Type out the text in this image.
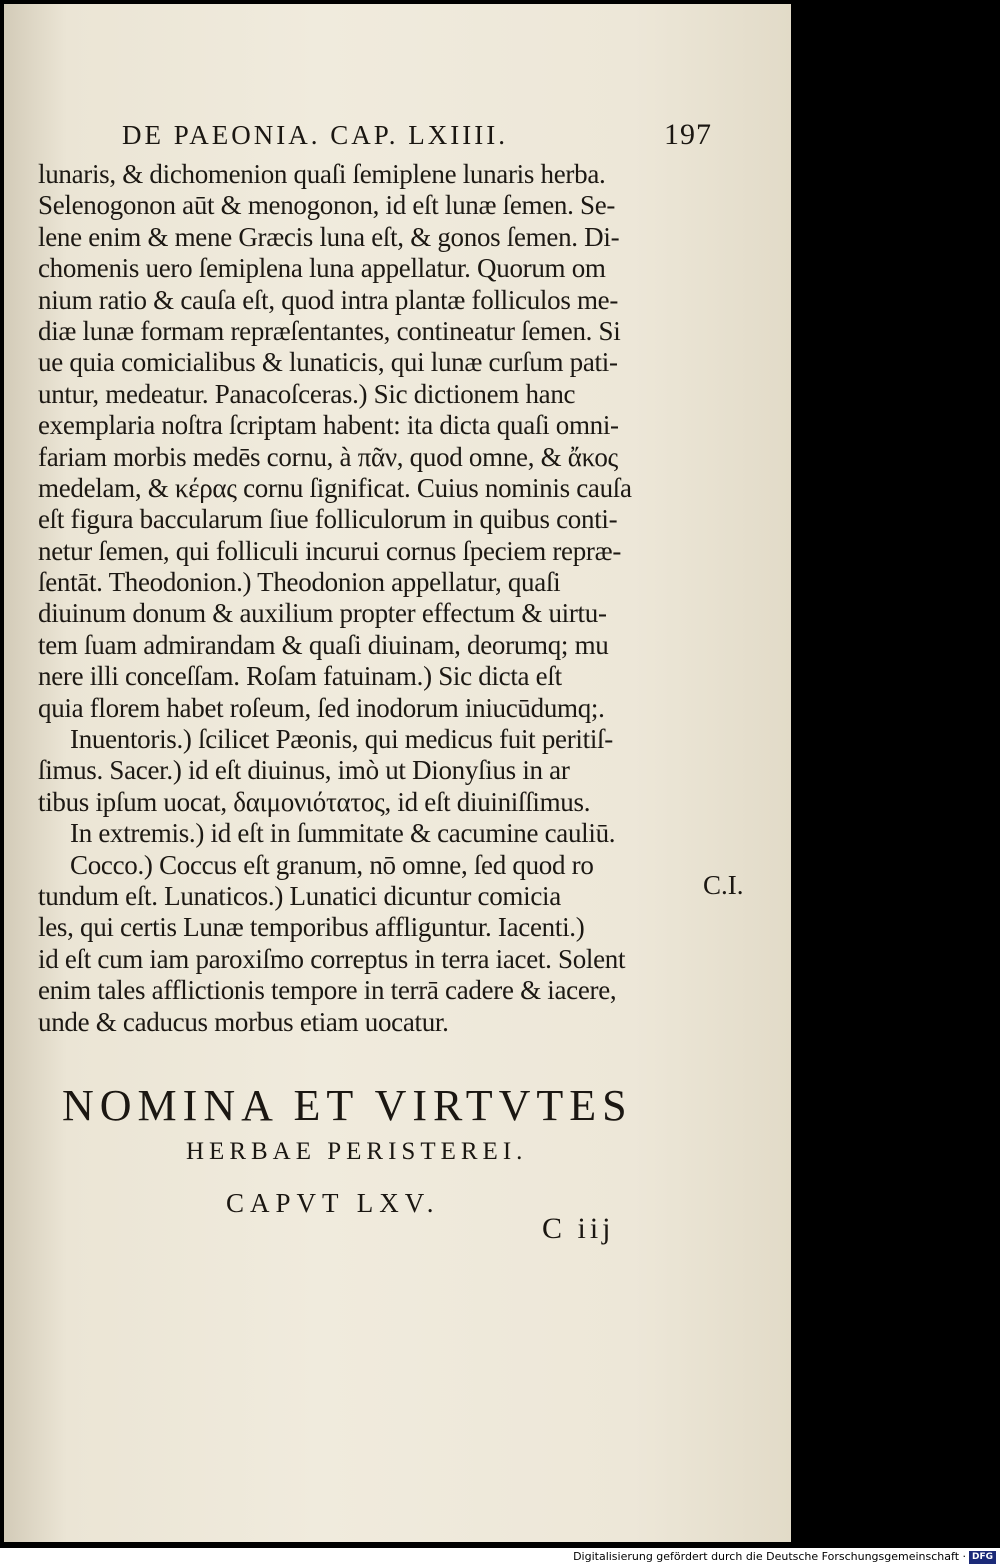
DE PAEONIA. CAP. LXIIII.	197
lunaris, & dichomenion quaſi ſemiplene lunaris herba.
Selenogonon aūt & menogonon, id eſt lunæ ſemen. Se-
lene enim & mene Græcis luna eſt, & gonos ſemen. Di-
chomenis uero ſemiplena luna appellatur. Quorum om
nium ratio & cauſa eſt, quod intra plantæ folliculos me-
diæ lunæ formam repræſentantes, contineatur ſemen. Si
ue quia comicialibus & lunaticis, qui lunæ curſum pati-
untur, medeatur. Panacoſceras.) Sic dictionem hanc
exemplaria noſtra ſcriptam habent: ita dicta quaſi omni-
fariam morbis medēs cornu, à πᾶν, quod omne, & ἄκος
medelam, & κέρας cornu ſignificat. Cuius nominis cauſa
eſt figura baccularum ſiue folliculorum in quibus conti-
netur ſemen, qui folliculi incurui cornus ſpeciem repræ-
ſentāt. Theodonion.) Theodonion appellatur, quaſi
diuinum donum & auxilium propter effectum & uirtu-
tem ſuam admirandam & quaſi diuinam, deorumq; mu
nere illi conceſſam. Roſam fatuinam.) Sic dicta eſt
quia florem habet roſeum, ſed inodorum iniucūdumq;.
Inuentoris.) ſcilicet Pæonis, qui medicus fuit peritiſ-
ſimus. Sacer.) id eſt diuinus, imò ut Dionyſius in ar
tibus ipſum uocat, δαιμονιότατος, id eſt diuiniſſimus.
In extremis.) id eſt in ſummitate & cacumine cauliū.
Cocco.) Coccus eſt granum, nō omne, ſed quod ro
tundum eſt. Lunaticos.) Lunatici dicuntur comicia
les, qui certis Lunæ temporibus affliguntur. Iacenti.)
id eſt cum iam paroxiſmo correptus in terra iacet. Solent
enim tales afflictionis tempore in terrā cadere & iacere,
unde & caducus morbus etiam uocatur.
C.I.
NOMINA ET VIRTVTES
HERBAE PERISTEREI.
CAPVT LXV.
C iij
Digitalisierung gefördert durch die Deutsche Forschungsgemeinschaft · DFG
